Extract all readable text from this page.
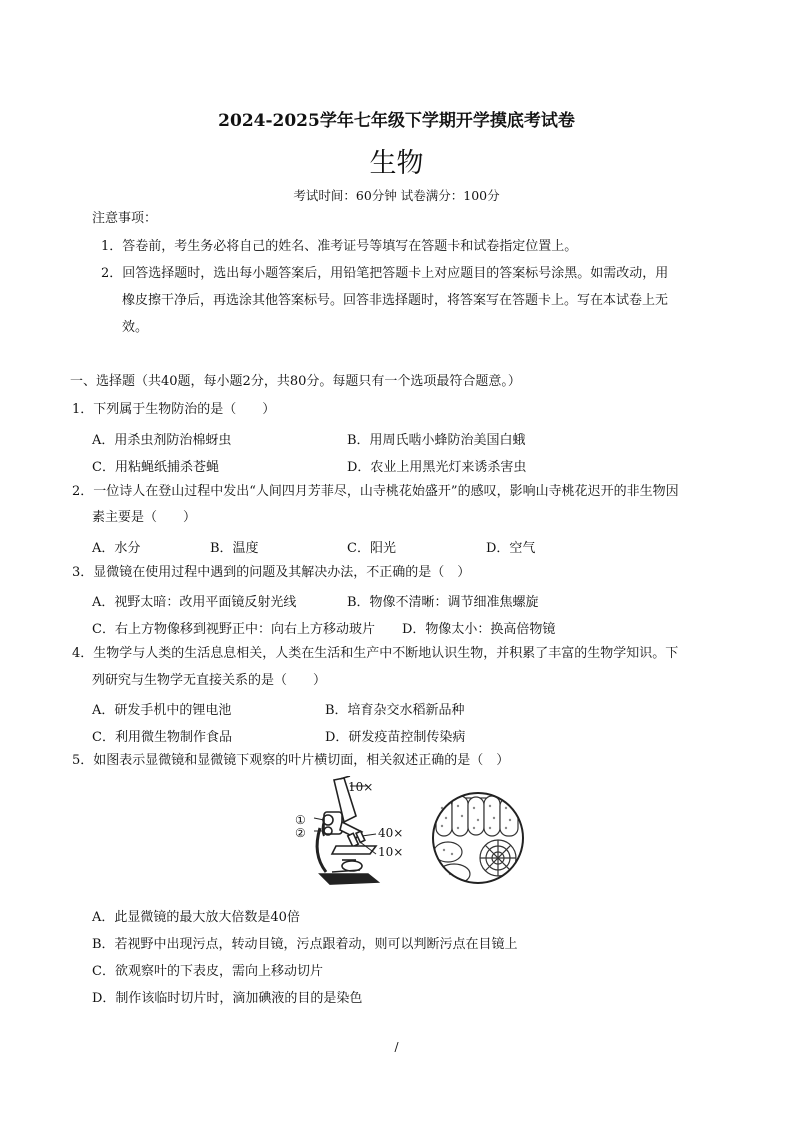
2024-2025学年七年级下学期开学摸底考试卷
生物
考试时间：60分钟 试卷满分：100分
注意事项：
1．答卷前，考生务必将自己的姓名、准考证号等填写在答题卡和试卷指定位置上。
2．回答选择题时，选出每小题答案后，用铅笔把答题卡上对应题目的答案标号涂黑。如需改动，用
橡皮擦干净后，再选涂其他答案标号。回答非选择题时，将答案写在答题卡上。写在本试卷上无
效。
一、选择题（共40题，每小题2分，共80分。每题只有一个选项最符合题意。）
1．下列属于生物防治的是（　　）
A．用杀虫剂防治棉蚜虫	B．用周氏啮小蜂防治美国白蛾
C．用粘蝇纸捕杀苍蝇	D．农业上用黑光灯来诱杀害虫
2．一位诗人在登山过程中发出“人间四月芳菲尽，山寺桃花始盛开”的感叹，影响山寺桃花迟开的非生物因
素主要是（　　）
A．水分	B．温度	C．阳光	D．空气
3．显微镜在使用过程中遇到的问题及其解决办法，不正确的是（　）
A．视野太暗：改用平面镜反射光线	B．物像不清晰：调节细准焦螺旋
C．右上方物像移到视野正中：向右上方移动玻片 D．物像太小：换高倍物镜
4．生物学与人类的生活息息相关，人类在生活和生产中不断地认识生物，并积累了丰富的生物学知识。下
列研究与生物学无直接关系的是（　　）
A．研发手机中的锂电池	B．培育杂交水稻新品种
C．利用微生物制作食品	D．研发疫苗控制传染病
5．如图表示显微镜和显微镜下观察的叶片横切面，相关叙述正确的是（　）
10×
①
②	40×
10×
A．此显微镜的最大放大倍数是40倍
B．若视野中出现污点，转动目镜，污点跟着动，则可以判断污点在目镜上
C．欲观察叶的下表皮，需向上移动切片
D．制作该临时切片时，滴加碘液的目的是染色
/
